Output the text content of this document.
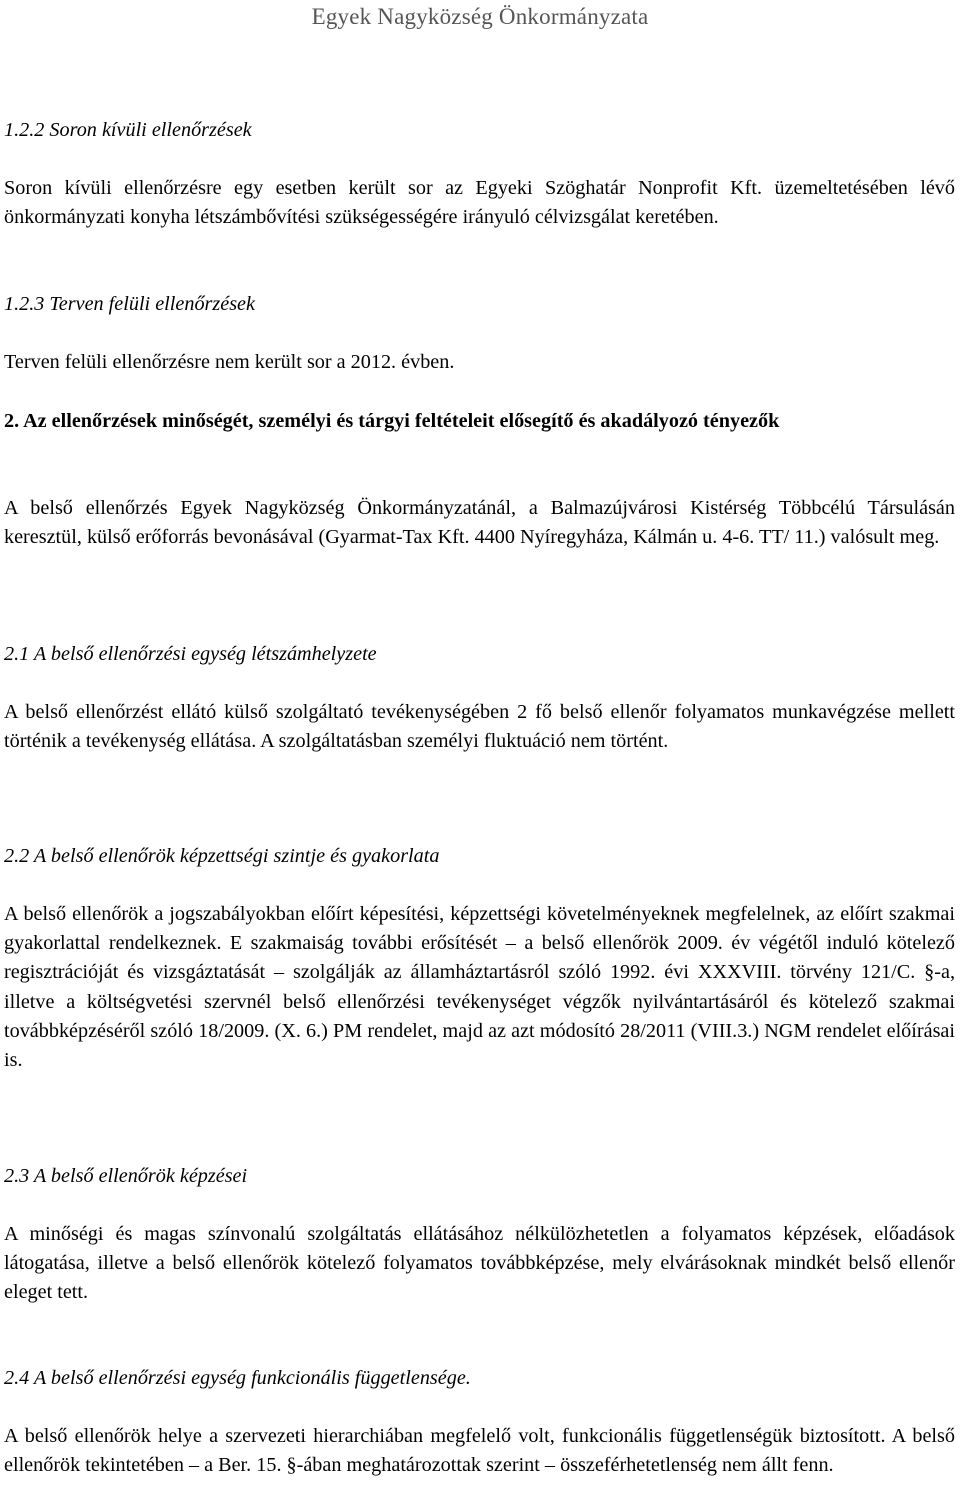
Egyek Nagyközség Önkormányzata
1.2.2 Soron kívüli ellenőrzések
Soron kívüli ellenőrzésre egy esetben került sor az Egyeki Szöghatár Nonprofit Kft. üzemeltetésében lévő önkormányzati konyha létszámbővítési szükségességére irányuló célvizsgálat keretében.
1.2.3 Terven felüli ellenőrzések
Terven felüli ellenőrzésre nem került sor a 2012. évben.
2. Az ellenőrzések minőségét, személyi és tárgyi feltételeit elősegítő és akadályozó tényezők
A belső ellenőrzés Egyek Nagyközség Önkormányzatánál, a Balmazújvárosi Kistérség Többcélú Társulásán keresztül, külső erőforrás bevonásával (Gyarmat-Tax Kft. 4400 Nyíregyháza, Kálmán u. 4-6. TT/ 11.) valósult meg.
2.1 A belső ellenőrzési egység létszámhelyzete
A belső ellenőrzést ellátó külső szolgáltató tevékenységében 2 fő belső ellenőr folyamatos munkavégzése mellett történik a tevékenység ellátása. A szolgáltatásban személyi fluktuáció nem történt.
2.2 A belső ellenőrök képzettségi szintje és gyakorlata
A belső ellenőrök a jogszabályokban előírt képesítési, képzettségi követelményeknek megfelelnek, az előírt szakmai gyakorlattal rendelkeznek. E szakmaiság további erősítését – a belső ellenőrök 2009. év végétől induló kötelező regisztrációját és vizsgáztatását – szolgálják az államháztartásról szóló 1992. évi XXXVIII. törvény 121/C. §-a, illetve a költségvetési szervnél belső ellenőrzési tevékenységet végzők nyilvántartásáról és kötelező szakmai továbbképzéséről szóló 18/2009. (X. 6.) PM rendelet, majd az azt módosító 28/2011 (VIII.3.) NGM rendelet előírásai is.
2.3 A belső ellenőrök képzései
A minőségi és magas színvonalú szolgáltatás ellátásához nélkülözhetetlen a folyamatos képzések, előadások látogatása, illetve a belső ellenőrök kötelező folyamatos továbbképzése, mely elvárásoknak mindkét belső ellenőr eleget tett.
2.4 A belső ellenőrzési egység funkcionális függetlensége.
A belső ellenőrök helye a szervezeti hierarchiában megfelelő volt, funkcionális függetlenségük biztosított. A belső ellenőrök tekintetében – a Ber. 15. §-ában meghatározottak szerint – összeférhetetlenség nem állt fenn.
